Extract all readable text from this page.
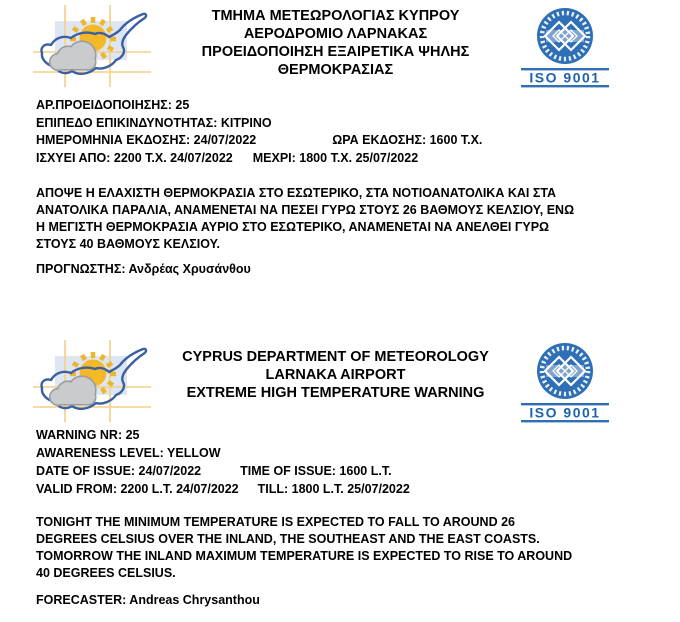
ΤΜΗΜΑ ΜΕΤΕΩΡΟΛΟΓΙΑΣ ΚΥΠΡΟΥ
ΑΕΡΟΔΡΟΜΙΟ ΛΑΡΝΑΚΑΣ
ΠΡΟΕΙΔΟΠΟΙΗΣΗ ΕΞΑΙΡΕΤΙΚΑ ΨΗΛΗΣ
ΘΕΡΜΟΚΡΑΣΙΑΣ
ΑΡ.ΠΡΟΕΙΔΟΠΟΙΗΣΗΣ: 25
ΕΠΙΠΕΔΟ ΕΠΙΚΙΝΔΥΝΟΤΗΤΑΣ: ΚΙΤΡΙΝΟ
ΗΜΕΡΟΜΗΝΙΑ ΕΚΔΟΣΗΣ: 24/07/2022	ΩΡΑ ΕΚΔΟΣΗΣ: 1600 Τ.Χ.
ΙΣΧΥΕΙ ΑΠΟ: 2200 Τ.Χ. 24/07/2022 ΜΕΧΡΙ: 1800 Τ.Χ. 25/07/2022
ΑΠΟΨΕ Η ΕΛΑΧΙΣΤΗ ΘΕΡΜΟΚΡΑΣΙΑ ΣΤΟ ΕΣΩΤΕΡΙΚΟ, ΣΤΑ ΝΟΤΙΟΑΝΑΤΟΛΙΚΑ ΚΑΙ ΣΤΑ
ΑΝΑΤΟΛΙΚΑ ΠΑΡΑΛΙΑ, ΑΝΑΜΕΝΕΤΑΙ ΝΑ ΠΕΣΕΙ ΓΥΡΩ ΣΤΟΥΣ 26 ΒΑΘΜΟΥΣ ΚΕΛΣΙΟΥ, ΕΝΩ
Η ΜΕΓΙΣΤΗ ΘΕΡΜΟΚΡΑΣΙΑ ΑΥΡΙΟ ΣΤΟ ΕΣΩΤΕΡΙΚΟ, ΑΝΑΜΕΝΕΤΑΙ ΝΑ ΑΝΕΛΘΕΙ ΓΥΡΩ
ΣΤΟΥΣ 40 ΒΑΘΜΟΥΣ ΚΕΛΣΙΟΥ.
ΠΡΟΓΝΩΣΤΗΣ: Ανδρέας Χρυσάνθου
CYPRUS DEPARTMENT OF METEOROLOGY
LARNAKA AIRPORT
EXTREME HIGH TEMPERATURE WARNING
WARNING NR: 25
AWARENESS LEVEL: YELLOW
DATE OF ISSUE: 24/07/2022	TIME OF ISSUE: 1600 L.T.
VALID FROM: 2200 L.T. 24/07/2022 TILL: 1800 L.T. 25/07/2022
TONIGHT THE MINIMUM TEMPERATURE IS EXPECTED TO FALL TO AROUND 26
DEGREES CELSIUS OVER THE INLAND, THE SOUTHEAST AND THE EAST COASTS.
TOMORROW THE INLAND MAXIMUM TEMPERATURE IS EXPECTED TO RISE TO AROUND
40 DEGREES CELSIUS.
FORECASTER: Andreas Chrysanthou
